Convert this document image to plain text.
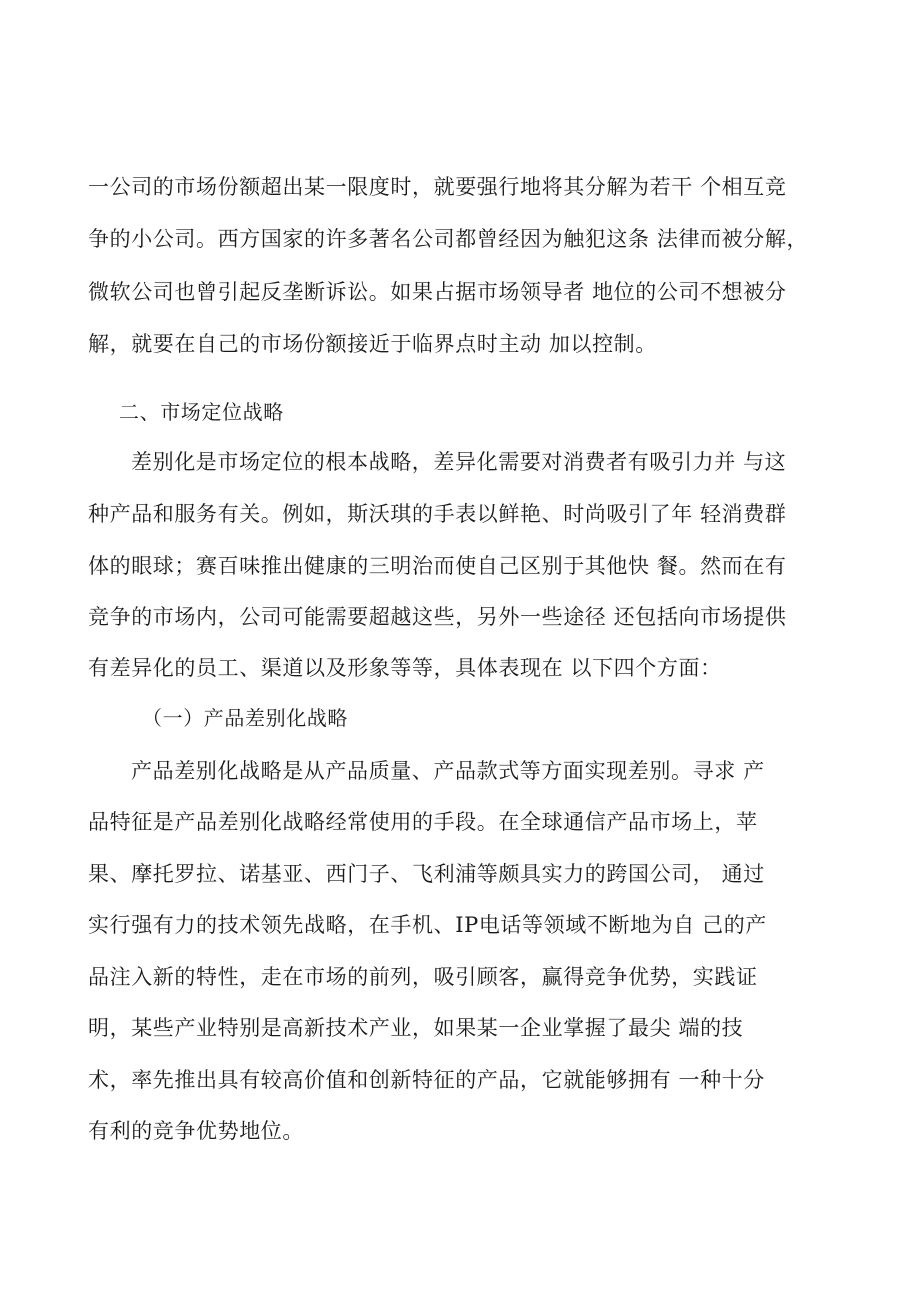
一公司的市场份额超出某一限度时，就要强行地将其分解为若干 个相互竞
争的小公司。西方国家的许多著名公司都曾经因为触犯这条 法律而被分解，
微软公司也曾引起反垄断诉讼。如果占据市场领导者 地位的公司不想被分
解，就要在自己的市场份额接近于临界点时主动 加以控制。
二、市场定位战略
差别化是市场定位的根本战略，差异化需要对消费者有吸引力并 与这
种产品和服务有关。例如，斯沃琪的手表以鲜艳、时尚吸引了年 轻消费群
体的眼球；赛百味推出健康的三明治而使自己区别于其他快 餐。然而在有
竞争的市场内，公司可能需要超越这些，另外一些途径 还包括向市场提供
有差异化的员工、渠道以及形象等等，具体表现在 以下四个方面：
（一）产品差别化战略
产品差别化战略是从产品质量、产品款式等方面实现差别。寻求 产
品特征是产品差别化战略经常使用的手段。在全球通信产品市场上，苹
果、摩托罗拉、诺基亚、西门子、飞利浦等颇具实力的跨国公司， 通过
实行强有力的技术领先战略，在手机、IP电话等领域不断地为自 己的产
品注入新的特性，走在市场的前列，吸引顾客，赢得竞争优势，实践证
明，某些产业特别是高新技术产业，如果某一企业掌握了最尖 端的技
术，率先推出具有较高价值和创新特征的产品，它就能够拥有 一种十分
有利的竞争优势地位。
